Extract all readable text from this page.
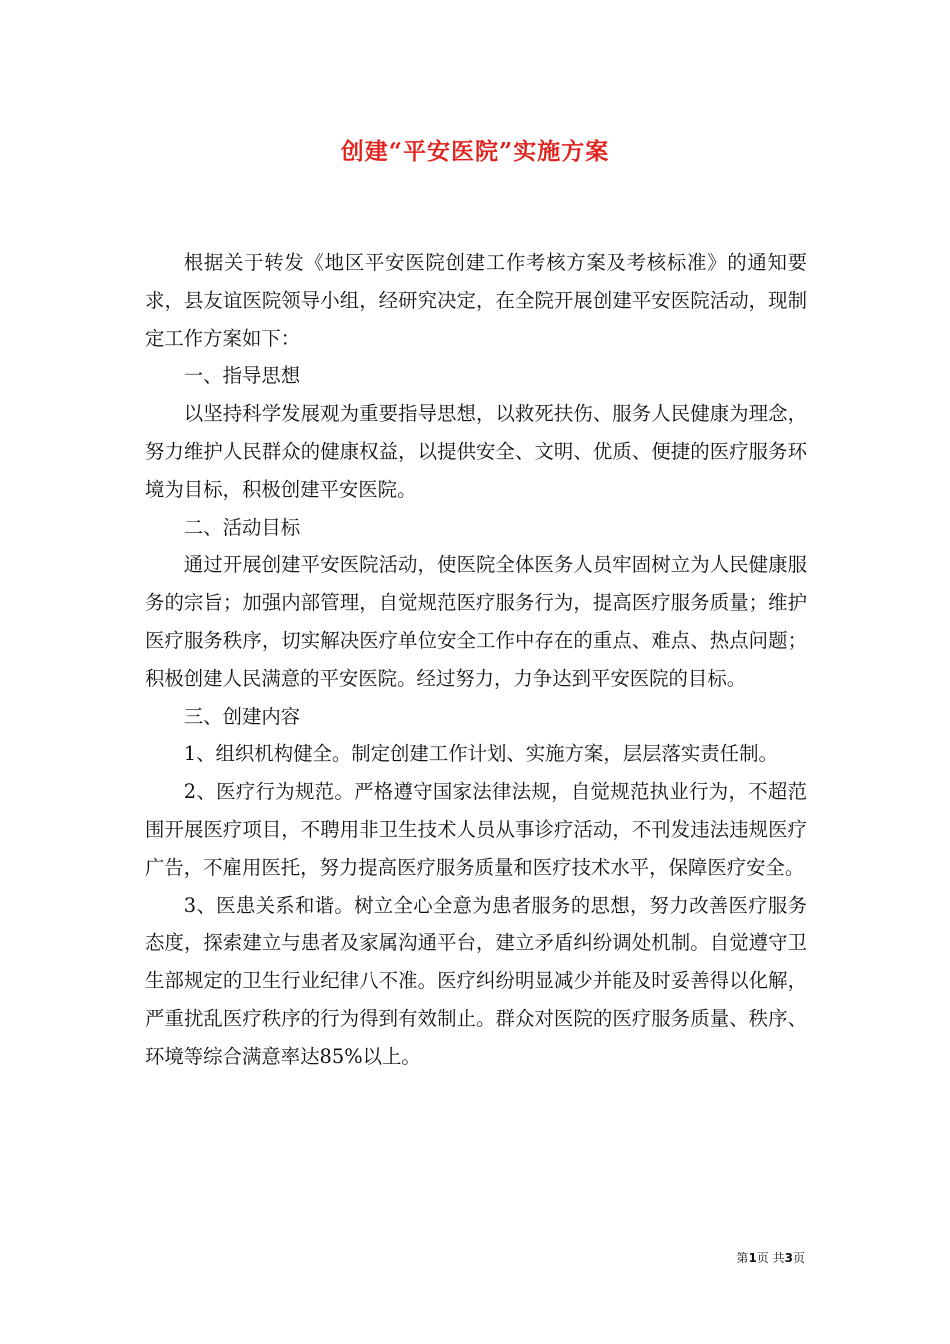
创建“平安医院”实施方案

根据关于转发《地区平安医院创建工作考核方案及考核标准》的通知要求，县友谊医院领导小组，经研究决定，在全院开展创建平安医院活动，现制定工作方案如下：

一、指导思想

以坚持科学发展观为重要指导思想，以救死扶伤、服务人民健康为理念，努力维护人民群众的健康权益，以提供安全、文明、优质、便捷的医疗服务环境为目标，积极创建平安医院。

二、活动目标

通过开展创建平安医院活动，使医院全体医务人员牢固树立为人民健康服务的宗旨；加强内部管理，自觉规范医疗服务行为，提高医疗服务质量；维护医疗服务秩序，切实解决医疗单位安全工作中存在的重点、难点、热点问题；积极创建人民满意的平安医院。经过努力，力争达到平安医院的目标。

三、创建内容

1、组织机构健全。制定创建工作计划、实施方案，层层落实责任制。

2、医疗行为规范。严格遵守国家法律法规，自觉规范执业行为，不超范围开展医疗项目，不聘用非卫生技术人员从事诊疗活动，不刊发违法违规医疗广告，不雇用医托，努力提高医疗服务质量和医疗技术水平，保障医疗安全。

3、医患关系和谐。树立全心全意为患者服务的思想，努力改善医疗服务态度，探索建立与患者及家属沟通平台，建立矛盾纠纷调处机制。自觉遵守卫生部规定的卫生行业纪律八不准。医疗纠纷明显减少并能及时妥善得以化解，严重扰乱医疗秩序的行为得到有效制止。群众对医院的医疗服务质量、秩序、环境等综合满意率达85%以上。

第1页 共3页
